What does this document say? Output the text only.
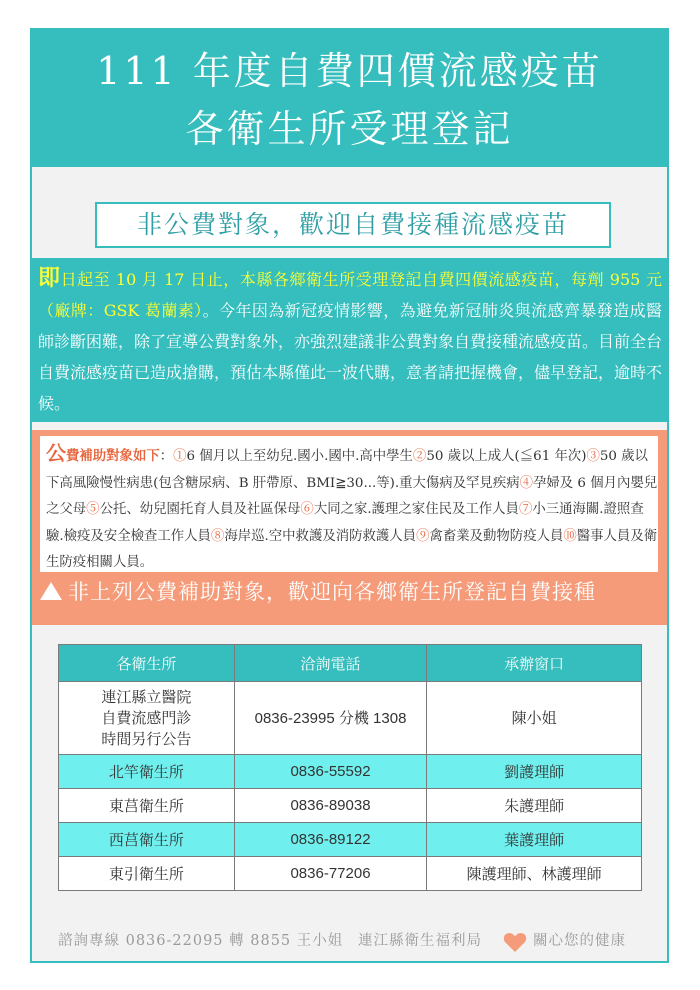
111 年度自費四價流感疫苗
各衛生所受理登記
非公費對象，歡迎自費接種流感疫苗
即日起至 10 月 17 日止，本縣各鄉衛生所受理登記自費四價流感疫苗，每劑 955 元（廠牌：GSK 葛蘭素）。今年因為新冠疫情影響，為避免新冠肺炎與流感齊暴發造成醫師診斷困難，除了宣導公費對象外，亦強烈建議非公費對象自費接種流感疫苗。目前全台自費流感疫苗已造成搶購，預估本縣僅此一波代購，意者請把握機會，儘早登記，逾時不候。
公費補助對象如下：①6 個月以上至幼兒.國小.國中.高中學生②50 歲以上成人(≦61 年次)③50 歲以下高風險慢性病患(包含糖尿病、B 肝帶原、BMI≧30...等).重大傷病及罕見疾病④孕婦及 6 個月內嬰兒之父母⑤公托、幼兒園托育人員及社區保母⑥大同之家.護理之家住民及工作人員⑦小三通海關.證照查驗.檢疫及安全檢查工作人員⑧海岸巡.空中救護及消防救護人員⑨禽畜業及動物防疫人員⑩醫事人員及衛生防疫相關人員。
非上列公費補助對象，歡迎向各鄉衛生所登記自費接種
各衛生所	洽詢電話	承辦窗口

連江縣立醫院
自費流感門診
時間另行公告	0836-23995 分機 1308	陳小姐
北竿衛生所	0836-55592	劉護理師
東莒衛生所	0836-89038	朱護理師
西莒衛生所	0836-89122	葉護理師
東引衛生所	0836-77206	陳護理師、林護理師
諮詢專線 0836-22095 轉 8855 王小姐 連江縣衛生福利局	關心您的健康
